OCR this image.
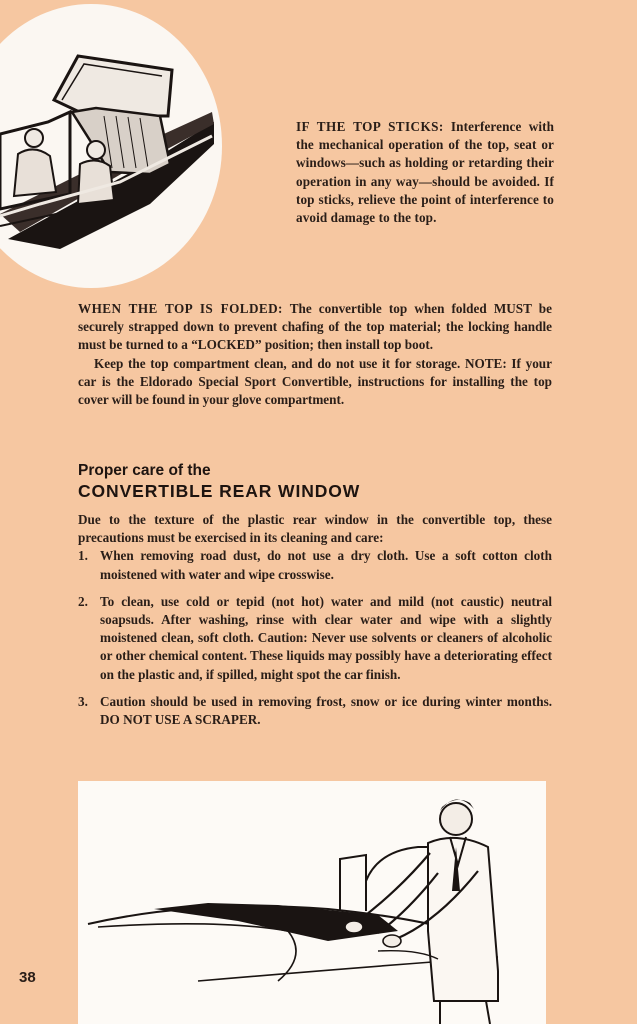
IF THE TOP STICKS: Interference with the mechanical operation of the top, seat or windows—such as holding or retarding their operation in any way—should be avoided. If top sticks, relieve the point of interference to avoid damage to the top.

WHEN THE TOP IS FOLDED: The convertible top when folded MUST be securely strapped down to prevent chafing of the top material; the locking handle must be turned to a “LOCKED” position; then install top boot.

Keep the top compartment clean, and do not use it for storage. NOTE: If your car is the Eldorado Special Sport Convertible, instructions for installing the top cover will be found in your glove compartment.

Proper care of the
CONVERTIBLE REAR WINDOW

Due to the texture of the plastic rear window in the convertible top, these precautions must be exercised in its cleaning and care:

1. When removing road dust, do not use a dry cloth. Use a soft cotton cloth moistened with water and wipe crosswise.
2. To clean, use cold or tepid (not hot) water and mild (not caustic) neutral soapsuds. After washing, rinse with clear water and wipe with a slightly moistened clean, soft cloth. Caution: Never use solvents or cleaners of alcoholic or other chemical content. These liquids may possibly have a deteriorating effect on the plastic and, if spilled, might spot the car finish.
3. Caution should be used in removing frost, snow or ice during winter months. DO NOT USE A SCRAPER.
38
